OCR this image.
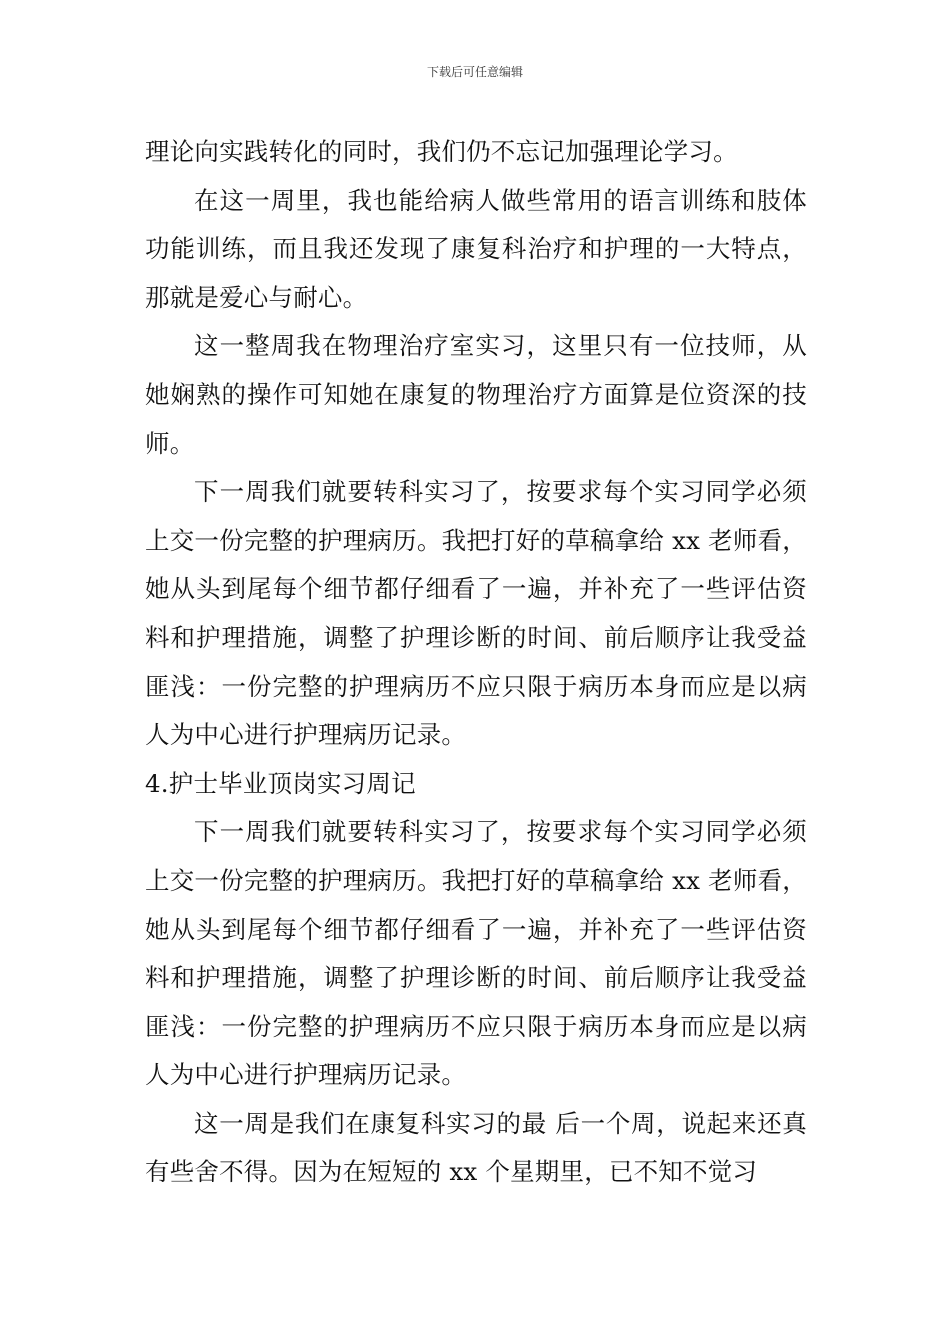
下载后可任意编辑

理论向实践转化的同时，我们仍不忘记加强理论学习。

在这一周里，我也能给病人做些常用的语言训练和肢体功能训练，而且我还发现了康复科治疗和护理的一大特点，那就是爱心与耐心。

这一整周我在物理治疗室实习，这里只有一位技师，从她娴熟的操作可知她在康复的物理治疗方面算是位资深的技师。

下一周我们就要转科实习了，按要求每个实习同学必须上交一份完整的护理病历。我把打好的草稿拿给 xx 老师看，她从头到尾每个细节都仔细看了一遍，并补充了一些评估资料和护理措施，调整了护理诊断的时间、前后顺序让我受益匪浅：一份完整的护理病历不应只限于病历本身而应是以病人为中心进行护理病历记录。

4.护士毕业顶岗实习周记

下一周我们就要转科实习了，按要求每个实习同学必须上交一份完整的护理病历。我把打好的草稿拿给 xx 老师看，她从头到尾每个细节都仔细看了一遍，并补充了一些评估资料和护理措施，调整了护理诊断的时间、前后顺序让我受益匪浅：一份完整的护理病历不应只限于病历本身而应是以病人为中心进行护理病历记录。

这一周是我们在康复科实习的最 后一个周，说起来还真有些舍不得。因为在短短的 xx 个星期里，已不知不觉习
